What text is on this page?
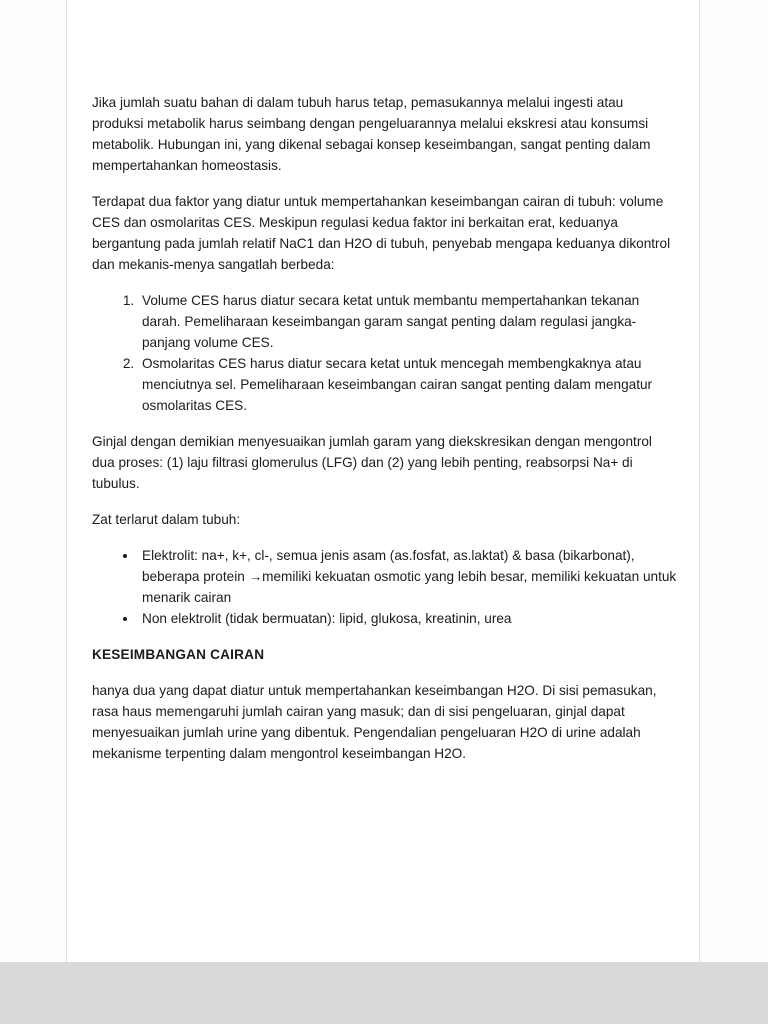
Jika jumlah suatu bahan di dalam tubuh harus tetap, pemasukannya melalui ingesti atau produksi metabolik harus seimbang dengan pengeluarannya melalui ekskresi atau konsumsi metabolik. Hubungan ini, yang dikenal sebagai konsep keseimbangan, sangat penting dalam mempertahankan homeostasis.

Terdapat dua faktor yang diatur untuk mempertahankan keseimbangan cairan di tubuh: volume CES dan osmolaritas CES. Meskipun regulasi kedua faktor ini berkaitan erat, keduanya bergantung pada jumlah relatif NaC1 dan H2O di tubuh, penyebab mengapa keduanya dikontrol dan mekanis-menya sangatlah berbeda:

1. Volume CES harus diatur secara ketat untuk membantu mempertahankan tekanan darah. Pemeliharaan keseimbangan garam sangat penting dalam regulasi jangka-panjang volume CES.
2. Osmolaritas CES harus diatur secara ketat untuk mencegah membengkaknya atau menciutnya sel. Pemeliharaan keseimbangan cairan sangat penting dalam mengatur osmolaritas CES.

Ginjal dengan demikian menyesuaikan jumlah garam yang diekskresikan dengan mengontrol dua proses: (1) laju filtrasi glomerulus (LFG) dan (2) yang lebih penting, reabsorpsi Na+ di tubulus.

Zat terlarut dalam tubuh:

• Elektrolit: na+, k+, cl-, semua jenis asam (as.fosfat, as.laktat) & basa (bikarbonat), beberapa protein →memiliki kekuatan osmotic yang lebih besar, memiliki kekuatan untuk menarik cairan
• Non elektrolit (tidak bermuatan): lipid, glukosa, kreatinin, urea
KESEIMBANGAN CAIRAN

hanya dua yang dapat diatur untuk mempertahankan keseimbangan H2O. Di sisi pemasukan, rasa haus memengaruhi jumlah cairan yang masuk; dan di sisi pengeluaran, ginjal dapat menyesuaikan jumlah urine yang dibentuk. Pengendalian pengeluaran H2O di urine adalah mekanisme terpenting dalam mengontrol keseimbangan H2O.
